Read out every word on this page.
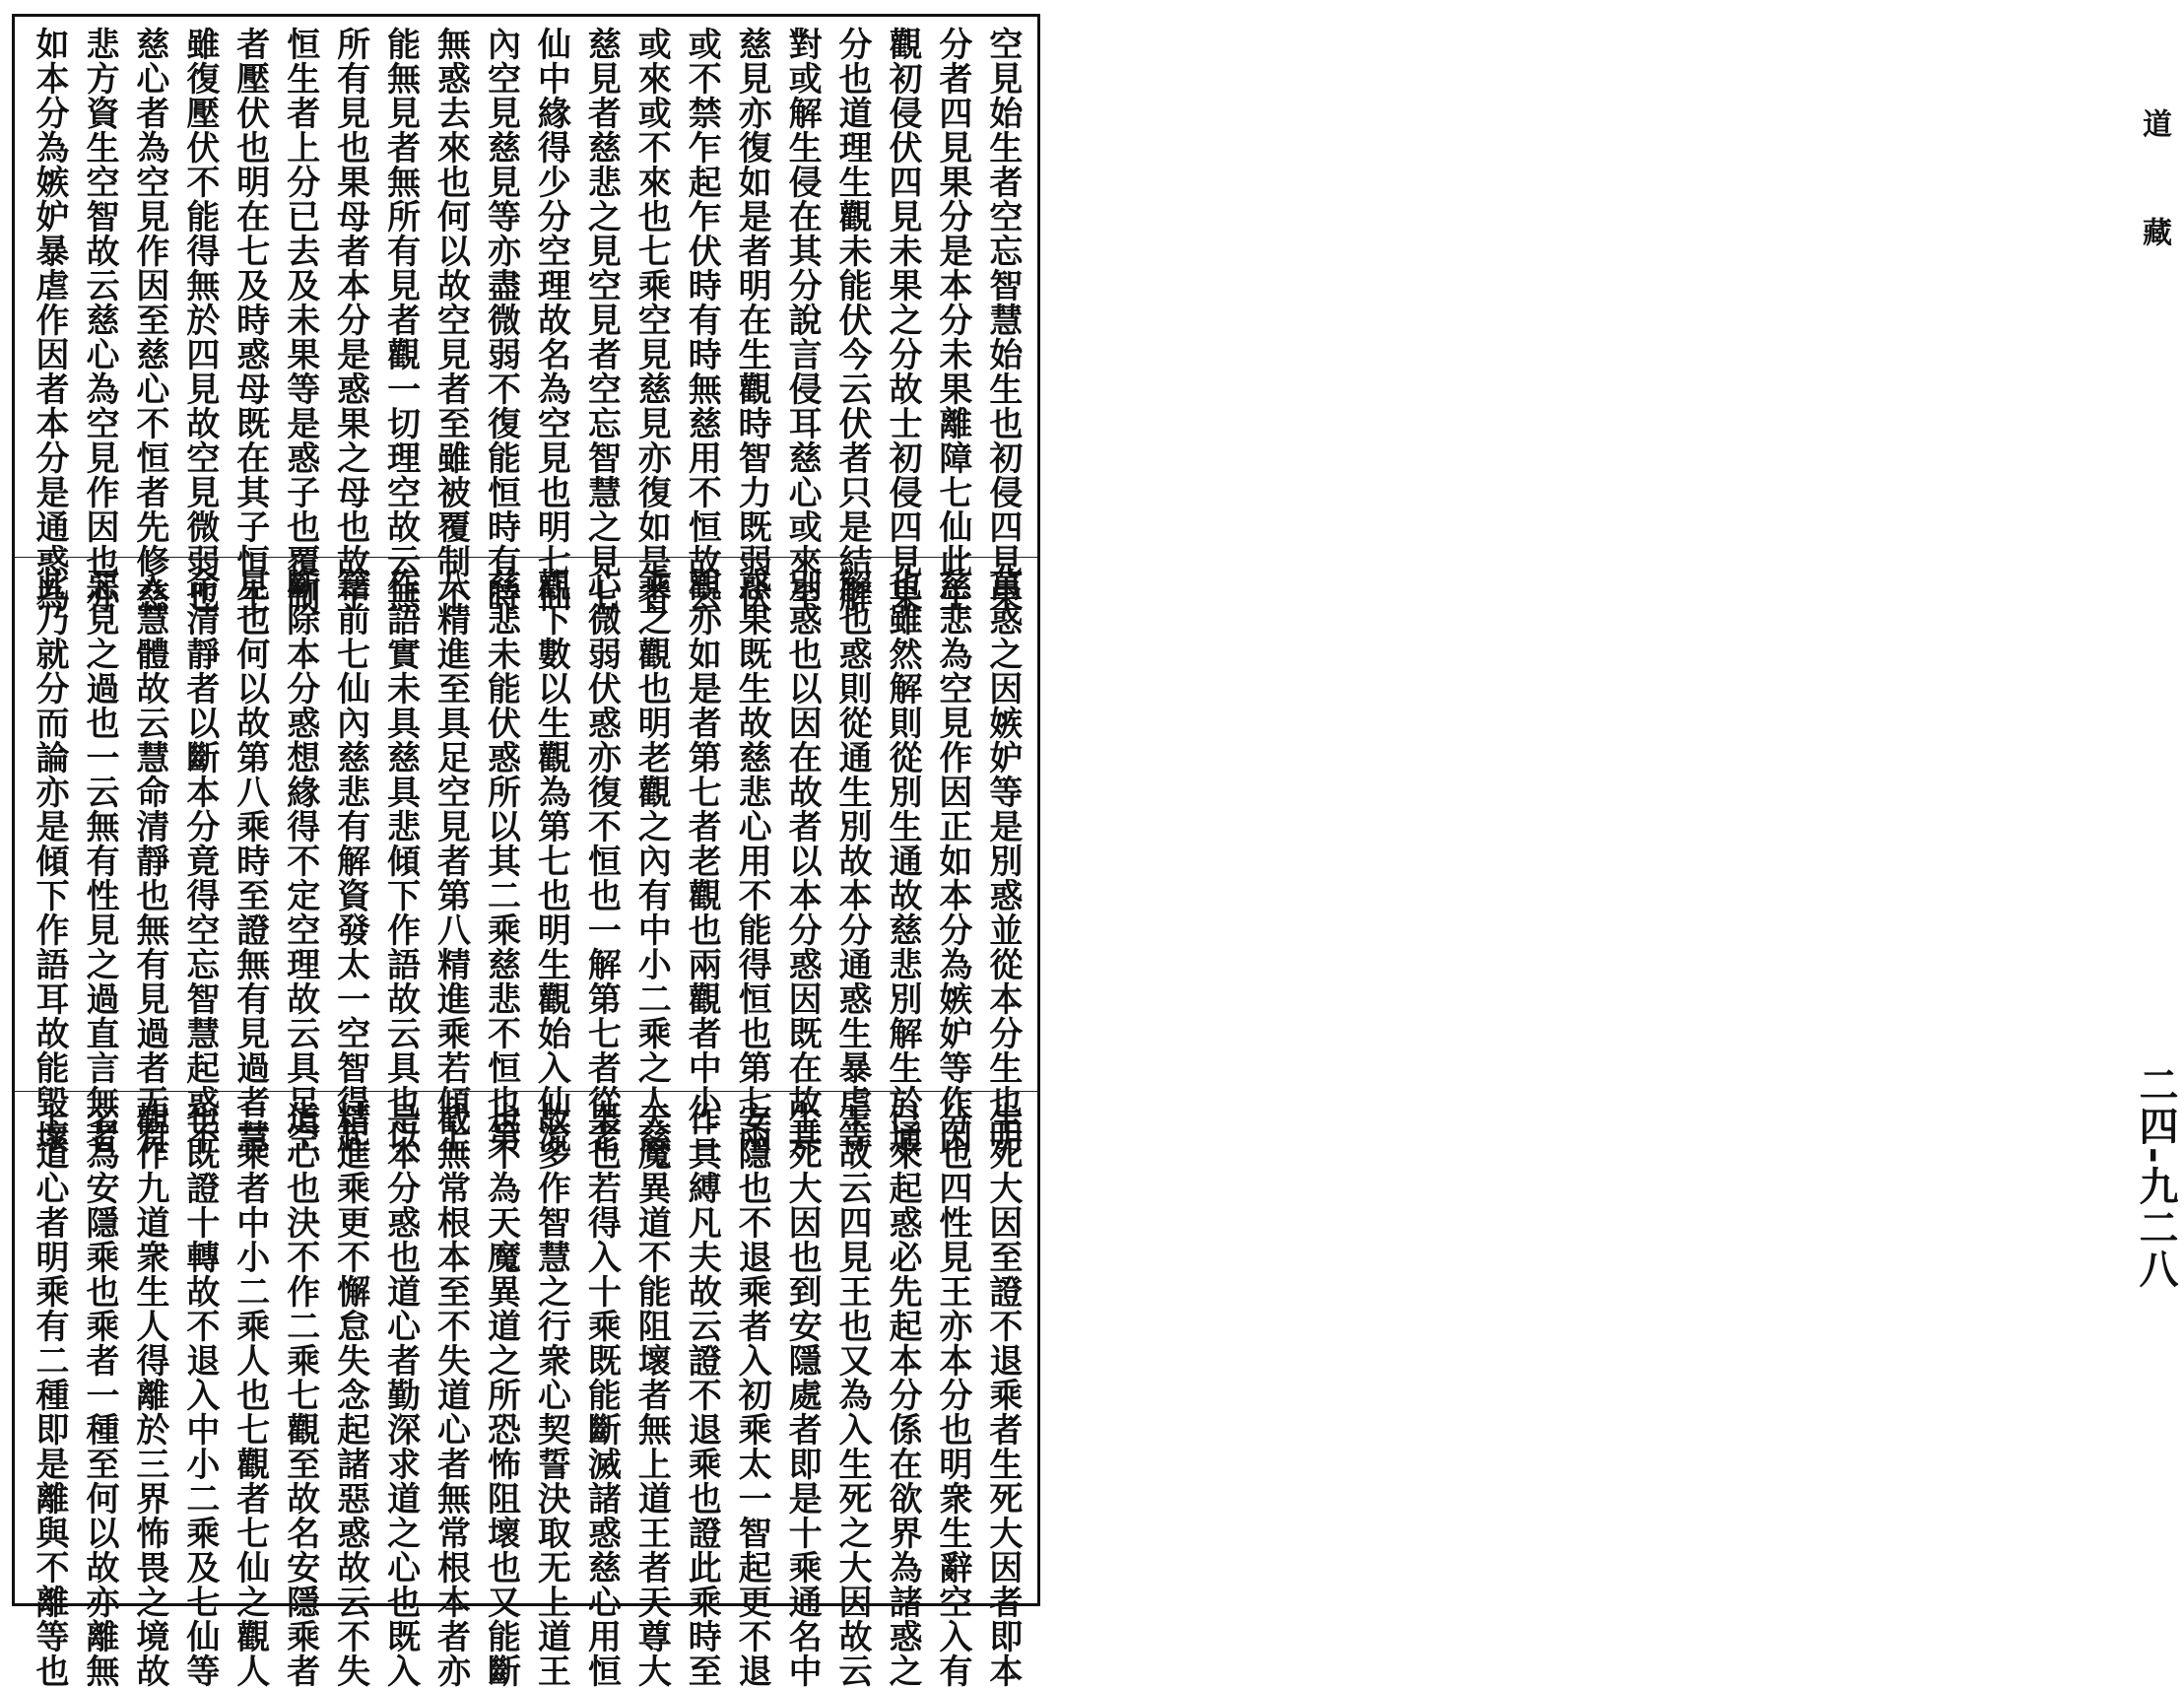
空見始生者空忘智慧始生也初侵四見果
分者四見果分是本分未果離障七仙此生
觀初侵伏四見未果之分故士初侵四見果
分也道理生觀未能伏今云伏者只是結解
對或解生侵在其分說言侵耳慈心或來至
慈見亦復如是者明在生觀時智力既弱伏
或不禁乍起乍伏時有時無慈用不恒故云
或來或不來也七乘空見慈見亦復如是者
慈見者慈悲之見空見者空忘智慧之見七
仙中緣得少分空理故名為空見也明七仙
內空見慈見等亦盡微弱不復能恒時有時
無惑去來也何以故空見者至雖被覆制不
能無見者無所有見者觀一切理空故云無
所有見也果母者本分是惑果之母也故子
恒生者上分已去及未果等是惑子也覆制
者壓伏也明在七及時惑母既在其子恒生
雖復壓伏不能得無於四見故空見微弱也
慈心者為空見作因至慈心不恒者先修慈
悲方資生空智故云慈心為空見作因也亦
如本分為嫉妒暴虐作因者本分是通惑為
萬惑之因嫉妒等是別惑並從本分生也明
慈悲為空見作因正如本分為嫉妒等作因
也雖然解則從別生通故慈悲別解生於通
解也惑則從通生別故本分通惑生暴虐等
別惑也以因在故者以本分惑因既在故其
惑果既生故慈悲心用不能得恒也第七兩
觀亦如是者第七者老觀也兩觀者中小二
乘之觀也明老觀之內有中小二乘之人慈
心微弱伏惑亦復不恒也一解第七者從老
觀下數以生觀為第七也明生觀始入仙流
慈悲未能伏惑所以其二乘慈悲不恒也第
八精進至具足空見者第八精進乘若傾上
作語實未具慈具悲傾下作語故云具也以
籍前七仙內慈悲有解資發太一空智得起
斷除本分惑想緣得不定空理故云具足空
見也何以故第八乘時至證無有見過者慧
命清靜者以斷本分竟得空忘智慧起惑不
入慧體故云慧命清靜也無有見過者无有
惡見之過也一云無有性見之過直言無者
此乃就分而論亦是傾下作語耳故能毀壞
生死大因至證不退乘者生死大因者即本
分也四性見王亦本分也明衆生辭空入有
已來起惑必先起本分係在欲界為諸惑之
王故云四見王也又為入生死之大因故云
生死大因也到安隱處者即是十乘通名中
安隱也不退乘者入初乘太一智起更不退
作具縛凡夫故云證不退乘也證此乘時至
天魔異道不能阻壞者無上道王者天尊大
果也若得入十乘既能斷滅諸惑慈心用恒
故多作智慧之行衆心契誓決取无上道王
也不為天魔異道之所恐怖阻壞也又能斷
截無常根本至不失道心者無常根本者亦
是本分惑也道心者勤深求道之心也既入
精進乘更不懈怠失念起諸惡惑故云不失
道心也決不作二乘七觀至故名安隱乘者
二乘者中小二乘人也七觀者七仙之觀人
也既證十轉故不退入中小二乘及七仙等
觀作九道衆生人得離於三界怖畏之境故
名為安隱乘也乘者一種至何以故亦離無
上道心者明乘有二種即是離與不離等也
道藏
二四-九二八
